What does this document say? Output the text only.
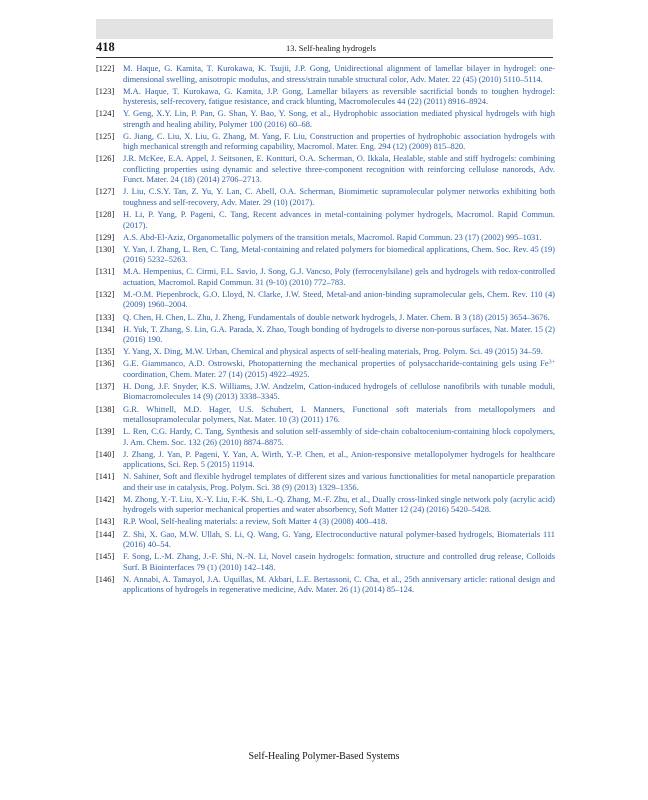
418	13. Self-healing hydrogels
[122] M. Haque, G. Kamita, T. Kurokawa, K. Tsujii, J.P. Gong, Unidirectional alignment of lamellar bilayer in hydrogel: one-dimensional swelling, anisotropic modulus, and stress/strain tunable structural color, Adv. Mater. 22 (45) (2010) 5110–5114.
[123] M.A. Haque, T. Kurokawa, G. Kamita, J.P. Gong, Lamellar bilayers as reversible sacrificial bonds to toughen hydrogel: hysteresis, self-recovery, fatigue resistance, and crack blunting, Macromolecules 44 (22) (2011) 8916–8924.
[124] Y. Geng, X.Y. Lin, P. Pan, G. Shan, Y. Bao, Y. Song, et al., Hydrophobic association mediated physical hydrogels with high strength and healing ability, Polymer 100 (2016) 60–68.
[125] G. Jiang, C. Liu, X. Liu, G. Zhang, M. Yang, F. Liu, Construction and properties of hydrophobic association hydrogels with high mechanical strength and reforming capability, Macromol. Mater. Eng. 294 (12) (2009) 815–820.
[126] J.R. McKee, E.A. Appel, J. Seitsonen, E. Kontturi, O.A. Scherman, O. Ikkala, Healable, stable and stiff hydrogels: combining conflicting properties using dynamic and selective three-component recognition with reinforcing cellulose nanorods, Adv. Funct. Mater. 24 (18) (2014) 2706–2713.
[127] J. Liu, C.S.Y. Tan, Z. Yu, Y. Lan, C. Abell, O.A. Scherman, Biomimetic supramolecular polymer networks exhibiting both toughness and self-recovery, Adv. Mater. 29 (10) (2017).
[128] H. Li, P. Yang, P. Pageni, C. Tang, Recent advances in metal-containing polymer hydrogels, Macromol. Rapid Commun. (2017).
[129] A.S. Abd-El-Aziz, Organometallic polymers of the transition metals, Macromol. Rapid Commun. 23 (17) (2002) 995–1031.
[130] Y. Yan, J. Zhang, L. Ren, C. Tang, Metal-containing and related polymers for biomedical applications, Chem. Soc. Rev. 45 (19) (2016) 5232–5263.
[131] M.A. Hempenius, C. Cirmi, F.L. Savio, J. Song, G.J. Vancso, Poly (ferrocenylsilane) gels and hydrogels with redox-controlled actuation, Macromol. Rapid Commun. 31 (9-10) (2010) 772–783.
[132] M.-O.M. Piepenbrock, G.O. Lloyd, N. Clarke, J.W. Steed, Metal-and anion-binding supramolecular gels, Chem. Rev. 110 (4) (2009) 1960–2004.
[133] Q. Chen, H. Chen, L. Zhu, J. Zheng, Fundamentals of double network hydrogels, J. Mater. Chem. B 3 (18) (2015) 3654–3676.
[134] H. Yuk, T. Zhang, S. Lin, G.A. Parada, X. Zhao, Tough bonding of hydrogels to diverse non-porous surfaces, Nat. Mater. 15 (2) (2016) 190.
[135] Y. Yang, X. Ding, M.W. Urban, Chemical and physical aspects of self-healing materials, Prog. Polym. Sci. 49 (2015) 34–59.
[136] G.E. Giammanco, A.D. Ostrowski, Photopatterning the mechanical properties of polysaccharide-containing gels using $Fe^{3+}$ coordination, Chem. Mater. 27 (14) (2015) 4922–4925.
[137] H. Dong, J.F. Snyder, K.S. Williams, J.W. Andzelm, Cation-induced hydrogels of cellulose nanofibrils with tunable moduli, Biomacromolecules 14 (9) (2013) 3338–3345.
[138] G.R. Whittell, M.D. Hager, U.S. Schubert, I. Manners, Functional soft materials from metallopolymers and metallosupramolecular polymers, Nat. Mater. 10 (3) (2011) 176.
[139] L. Ren, C.G. Hardy, C. Tang, Synthesis and solution self-assembly of side-chain cobaltocenium-containing block copolymers, J. Am. Chem. Soc. 132 (26) (2010) 8874–8875.
[140] J. Zhang, J. Yan, P. Pageni, Y. Yan, A. Wirth, Y.-P. Chen, et al., Anion-responsive metallopolymer hydrogels for healthcare applications, Sci. Rep. 5 (2015) 11914.
[141] N. Sahiner, Soft and flexible hydrogel templates of different sizes and various functionalities for metal nanoparticle preparation and their use in catalysis, Prog. Polym. Sci. 38 (9) (2013) 1329–1356.
[142] M. Zhong, Y.-T. Liu, X.-Y. Liu, F.-K. Shi, L.-Q. Zhang, M.-F. Zhu, et al., Dually cross-linked single network poly (acrylic acid) hydrogels with superior mechanical properties and water absorbency, Soft Matter 12 (24) (2016) 5420–5428.
[143] R.P. Wool, Self-healing materials: a review, Soft Matter 4 (3) (2008) 400–418.
[144] Z. Shi, X. Gao, M.W. Ullah, S. Li, Q. Wang, G. Yang, Electroconductive natural polymer-based hydrogels, Biomaterials 111 (2016) 40–54.
[145] F. Song, L.-M. Zhang, J.-F. Shi, N.-N. Li, Novel casein hydrogels: formation, structure and controlled drug release, Colloids Surf. B Biointerfaces 79 (1) (2010) 142–148.
[146] N. Annabi, A. Tamayol, J.A. Uquillas, M. Akbari, L.E. Bertassoni, C. Cha, et al., 25th anniversary article: rational design and applications of hydrogels in regenerative medicine, Adv. Mater. 26 (1) (2014) 85–124.
Self-Healing Polymer-Based Systems
